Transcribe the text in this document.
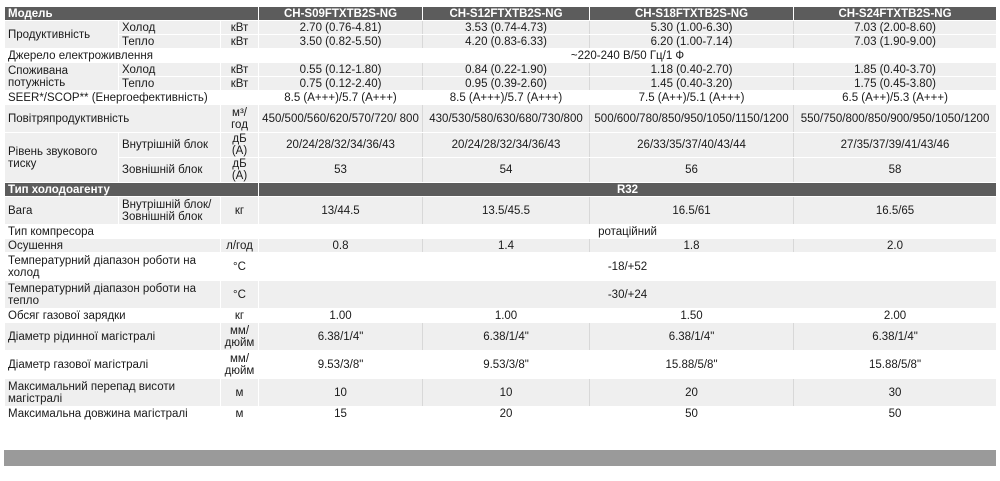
Модель			CH-S09FTXTB2S-NG	CH-S12FTXTB2S-NG	CH-S18FTXTB2S-NG	CH-S24FTXTB2S-NG
Продуктивність	Холод	кВт	2.70 (0.76-4.81)	3.53 (0.74-4.73)	5.30 (1.00-6.30)	7.03 (2.00-8.60)
	Тепло	кВт	3.50 (0.82-5.50)	4.20 (0.83-6.33)	6.20 (1.00-7.14)	7.03 (1.90-9.00)
Джерело електроживлення			~220-240 В/50 Гц/1 Ф			
Споживана потужність	Холод	кВт	0.55 (0.12-1.80)	0.84 (0.22-1.90)	1.18 (0.40-2.70)	1.85 (0.40-3.70)
	Тепло	кВт	0.75 (0.12-2.40)	0.95 (0.39-2.60)	1.45 (0.40-3.20)	1.75 (0.45-3.80)
SEER*/SCOP** (Енергоефективність)			8.5 (A+++)/5.7 (A+++)	8.5 (A+++)/5.7 (A+++)	7.5 (A++)/5.1 (A+++)	6.5 (A++)/5.3 (A+++)
Повітряпродуктивність		м³/год	450/500/560/620/570/720/ 800	430/530/580/630/680/730/800	500/600/780/850/950/1050/1150/1200	550/750/800/850/900/950/1050/1200
Рівень звукового тиску	Внутрішній блок	дБ (А)	20/24/28/32/34/36/43	20/24/28/32/34/36/43	26/33/35/37/40/43/44	27/35/37/39/41/43/46
	Зовнішній блок	дБ (А)	53	54	56	58
Тип холодоагенту			R32			
Вага	Внутрішній блок/ Зовнішній блок	кг	13/44.5	13.5/45.5	16.5/61	16.5/65
Тип компресора			ротаційний			
Осушення		л/год	0.8	1.4	1.8	2.0
Температурний діапазон роботи на холод		°С	-18/+52			
Температурний діапазон роботи на тепло		°С	-30/+24			
Обсяг газової зарядки		кг	1.00	1.00	1.50	2.00
Діаметр рідинної магістралі		мм/ дюйм	6.38/1/4"	6.38/1/4"	6.38/1/4"	6.38/1/4"
Діаметр газової магістралі		мм/ дюйм	9.53/3/8"	9.53/3/8"	15.88/5/8"	15.88/5/8"
Максимальний перепад висоти магістралі		м	10	10	20	30
Максимальна довжина магістралі		м	15	20	50	50
